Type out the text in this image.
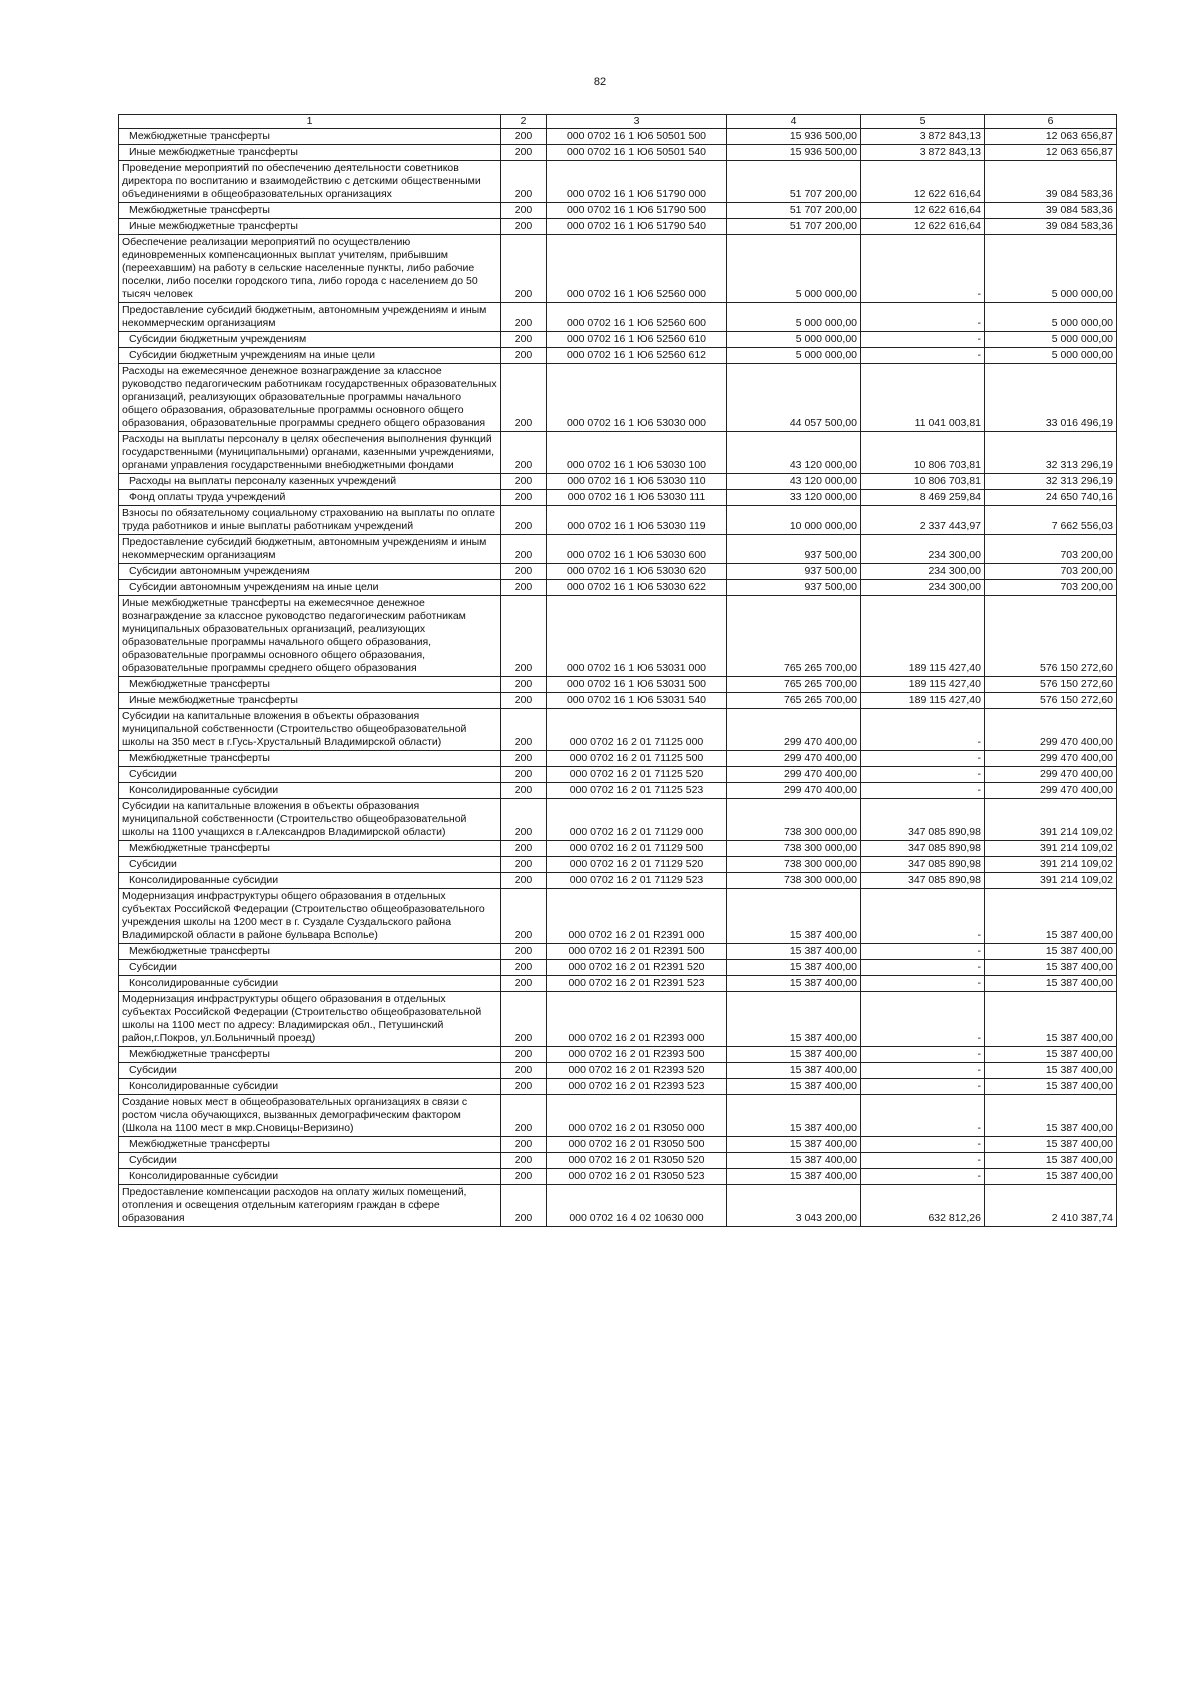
82
1	2	3	4	5	6
Межбюджетные трансферты	200	000 0702 16 1 Ю6 50501 500	15 936 500,00	3 872 843,13	12 063 656,87
Иные межбюджетные трансферты	200	000 0702 16 1 Ю6 50501 540	15 936 500,00	3 872 843,13	12 063 656,87
Проведение мероприятий по обеспечению деятельности советников директора по воспитанию и взаимодействию с детскими общественными объединениями в общеобразовательных организациях	200	000 0702 16 1 Ю6 51790 000	51 707 200,00	12 622 616,64	39 084 583,36
Межбюджетные трансферты	200	000 0702 16 1 Ю6 51790 500	51 707 200,00	12 622 616,64	39 084 583,36
Иные межбюджетные трансферты	200	000 0702 16 1 Ю6 51790 540	51 707 200,00	12 622 616,64	39 084 583,36
Обеспечение реализации мероприятий по осуществлению единовременных компенсационных выплат учителям, прибывшим (переехавшим) на работу в сельские населенные пункты, либо рабочие поселки, либо поселки городского типа, либо города с населением до 50 тысяч человек	200	000 0702 16 1 Ю6 52560 000	5 000 000,00	-	5 000 000,00
Предоставление субсидий бюджетным, автономным учреждениям и иным некоммерческим организациям	200	000 0702 16 1 Ю6 52560 600	5 000 000,00	-	5 000 000,00
Субсидии бюджетным учреждениям	200	000 0702 16 1 Ю6 52560 610	5 000 000,00	-	5 000 000,00
Субсидии бюджетным учреждениям на иные цели	200	000 0702 16 1 Ю6 52560 612	5 000 000,00	-	5 000 000,00
Расходы на ежемесячное денежное вознаграждение за классное руководство педагогическим работникам государственных образовательных организаций, реализующих образовательные программы начального общего образования, образовательные программы основного общего образования, образовательные программы среднего общего образования	200	000 0702 16 1 Ю6 53030 000	44 057 500,00	11 041 003,81	33 016 496,19
Расходы на выплаты персоналу в целях обеспечения выполнения функций государственными (муниципальными) органами, казенными учреждениями, органами управления государственными внебюджетными фондами	200	000 0702 16 1 Ю6 53030 100	43 120 000,00	10 806 703,81	32 313 296,19
Расходы на выплаты персоналу казенных учреждений	200	000 0702 16 1 Ю6 53030 110	43 120 000,00	10 806 703,81	32 313 296,19
Фонд оплаты труда учреждений	200	000 0702 16 1 Ю6 53030 111	33 120 000,00	8 469 259,84	24 650 740,16
Взносы по обязательному социальному страхованию на выплаты по оплате труда работников и иные выплаты работникам учреждений	200	000 0702 16 1 Ю6 53030 119	10 000 000,00	2 337 443,97	7 662 556,03
Предоставление субсидий бюджетным, автономным учреждениям и иным некоммерческим организациям	200	000 0702 16 1 Ю6 53030 600	937 500,00	234 300,00	703 200,00
Субсидии автономным учреждениям	200	000 0702 16 1 Ю6 53030 620	937 500,00	234 300,00	703 200,00
Субсидии автономным учреждениям на иные цели	200	000 0702 16 1 Ю6 53030 622	937 500,00	234 300,00	703 200,00
Иные межбюджетные трансферты на ежемесячное денежное вознаграждение за классное руководство педагогическим работникам муниципальных образовательных организаций, реализующих образовательные программы начального общего образования, образовательные программы основного общего образования, образовательные программы среднего общего образования	200	000 0702 16 1 Ю6 53031 000	765 265 700,00	189 115 427,40	576 150 272,60
Межбюджетные трансферты	200	000 0702 16 1 Ю6 53031 500	765 265 700,00	189 115 427,40	576 150 272,60
Иные межбюджетные трансферты	200	000 0702 16 1 Ю6 53031 540	765 265 700,00	189 115 427,40	576 150 272,60
Субсидии на капитальные вложения в объекты образования муниципальной собственности (Строительство общеобразовательной школы на 350 мест в г.Гусь-Хрустальный Владимирской области)	200	000 0702 16 2 01 71125 000	299 470 400,00	-	299 470 400,00
Межбюджетные трансферты	200	000 0702 16 2 01 71125 500	299 470 400,00	-	299 470 400,00
Субсидии	200	000 0702 16 2 01 71125 520	299 470 400,00	-	299 470 400,00
Консолидированные субсидии	200	000 0702 16 2 01 71125 523	299 470 400,00	-	299 470 400,00
Субсидии на капитальные вложения в объекты образования муниципальной собственности (Строительство общеобразовательной школы на 1100 учащихся в г.Александров Владимирской области)	200	000 0702 16 2 01 71129 000	738 300 000,00	347 085 890,98	391 214 109,02
Межбюджетные трансферты	200	000 0702 16 2 01 71129 500	738 300 000,00	347 085 890,98	391 214 109,02
Субсидии	200	000 0702 16 2 01 71129 520	738 300 000,00	347 085 890,98	391 214 109,02
Консолидированные субсидии	200	000 0702 16 2 01 71129 523	738 300 000,00	347 085 890,98	391 214 109,02
Модернизация инфраструктуры общего образования в отдельных субъектах Российской Федерации (Строительство общеобразовательного учреждения школы на 1200 мест в г. Суздале Суздальского района Владимирской области в районе бульвара Всполье)	200	000 0702 16 2 01 R2391 000	15 387 400,00	-	15 387 400,00
Межбюджетные трансферты	200	000 0702 16 2 01 R2391 500	15 387 400,00	-	15 387 400,00
Субсидии	200	000 0702 16 2 01 R2391 520	15 387 400,00	-	15 387 400,00
Консолидированные субсидии	200	000 0702 16 2 01 R2391 523	15 387 400,00	-	15 387 400,00
Модернизация инфраструктуры общего образования в отдельных субъектах Российской Федерации (Строительство общеобразовательной школы на 1100 мест по адресу: Владимирская обл., Петушинский район,г.Покров, ул.Больничный проезд)	200	000 0702 16 2 01 R2393 000	15 387 400,00	-	15 387 400,00
Межбюджетные трансферты	200	000 0702 16 2 01 R2393 500	15 387 400,00	-	15 387 400,00
Субсидии	200	000 0702 16 2 01 R2393 520	15 387 400,00	-	15 387 400,00
Консолидированные субсидии	200	000 0702 16 2 01 R2393 523	15 387 400,00	-	15 387 400,00
Создание новых мест в общеобразовательных организациях в связи с ростом числа обучающихся, вызванных демографическим фактором (Школа на 1100 мест в мкр.Сновицы-Веризино)	200	000 0702 16 2 01 R3050 000	15 387 400,00	-	15 387 400,00
Межбюджетные трансферты	200	000 0702 16 2 01 R3050 500	15 387 400,00	-	15 387 400,00
Субсидии	200	000 0702 16 2 01 R3050 520	15 387 400,00	-	15 387 400,00
Консолидированные субсидии	200	000 0702 16 2 01 R3050 523	15 387 400,00	-	15 387 400,00
Предоставление компенсации расходов на оплату жилых помещений, отопления и освещения отдельным категориям граждан в сфере образования	200	000 0702 16 4 02 10630 000	3 043 200,00	632 812,26	2 410 387,74
